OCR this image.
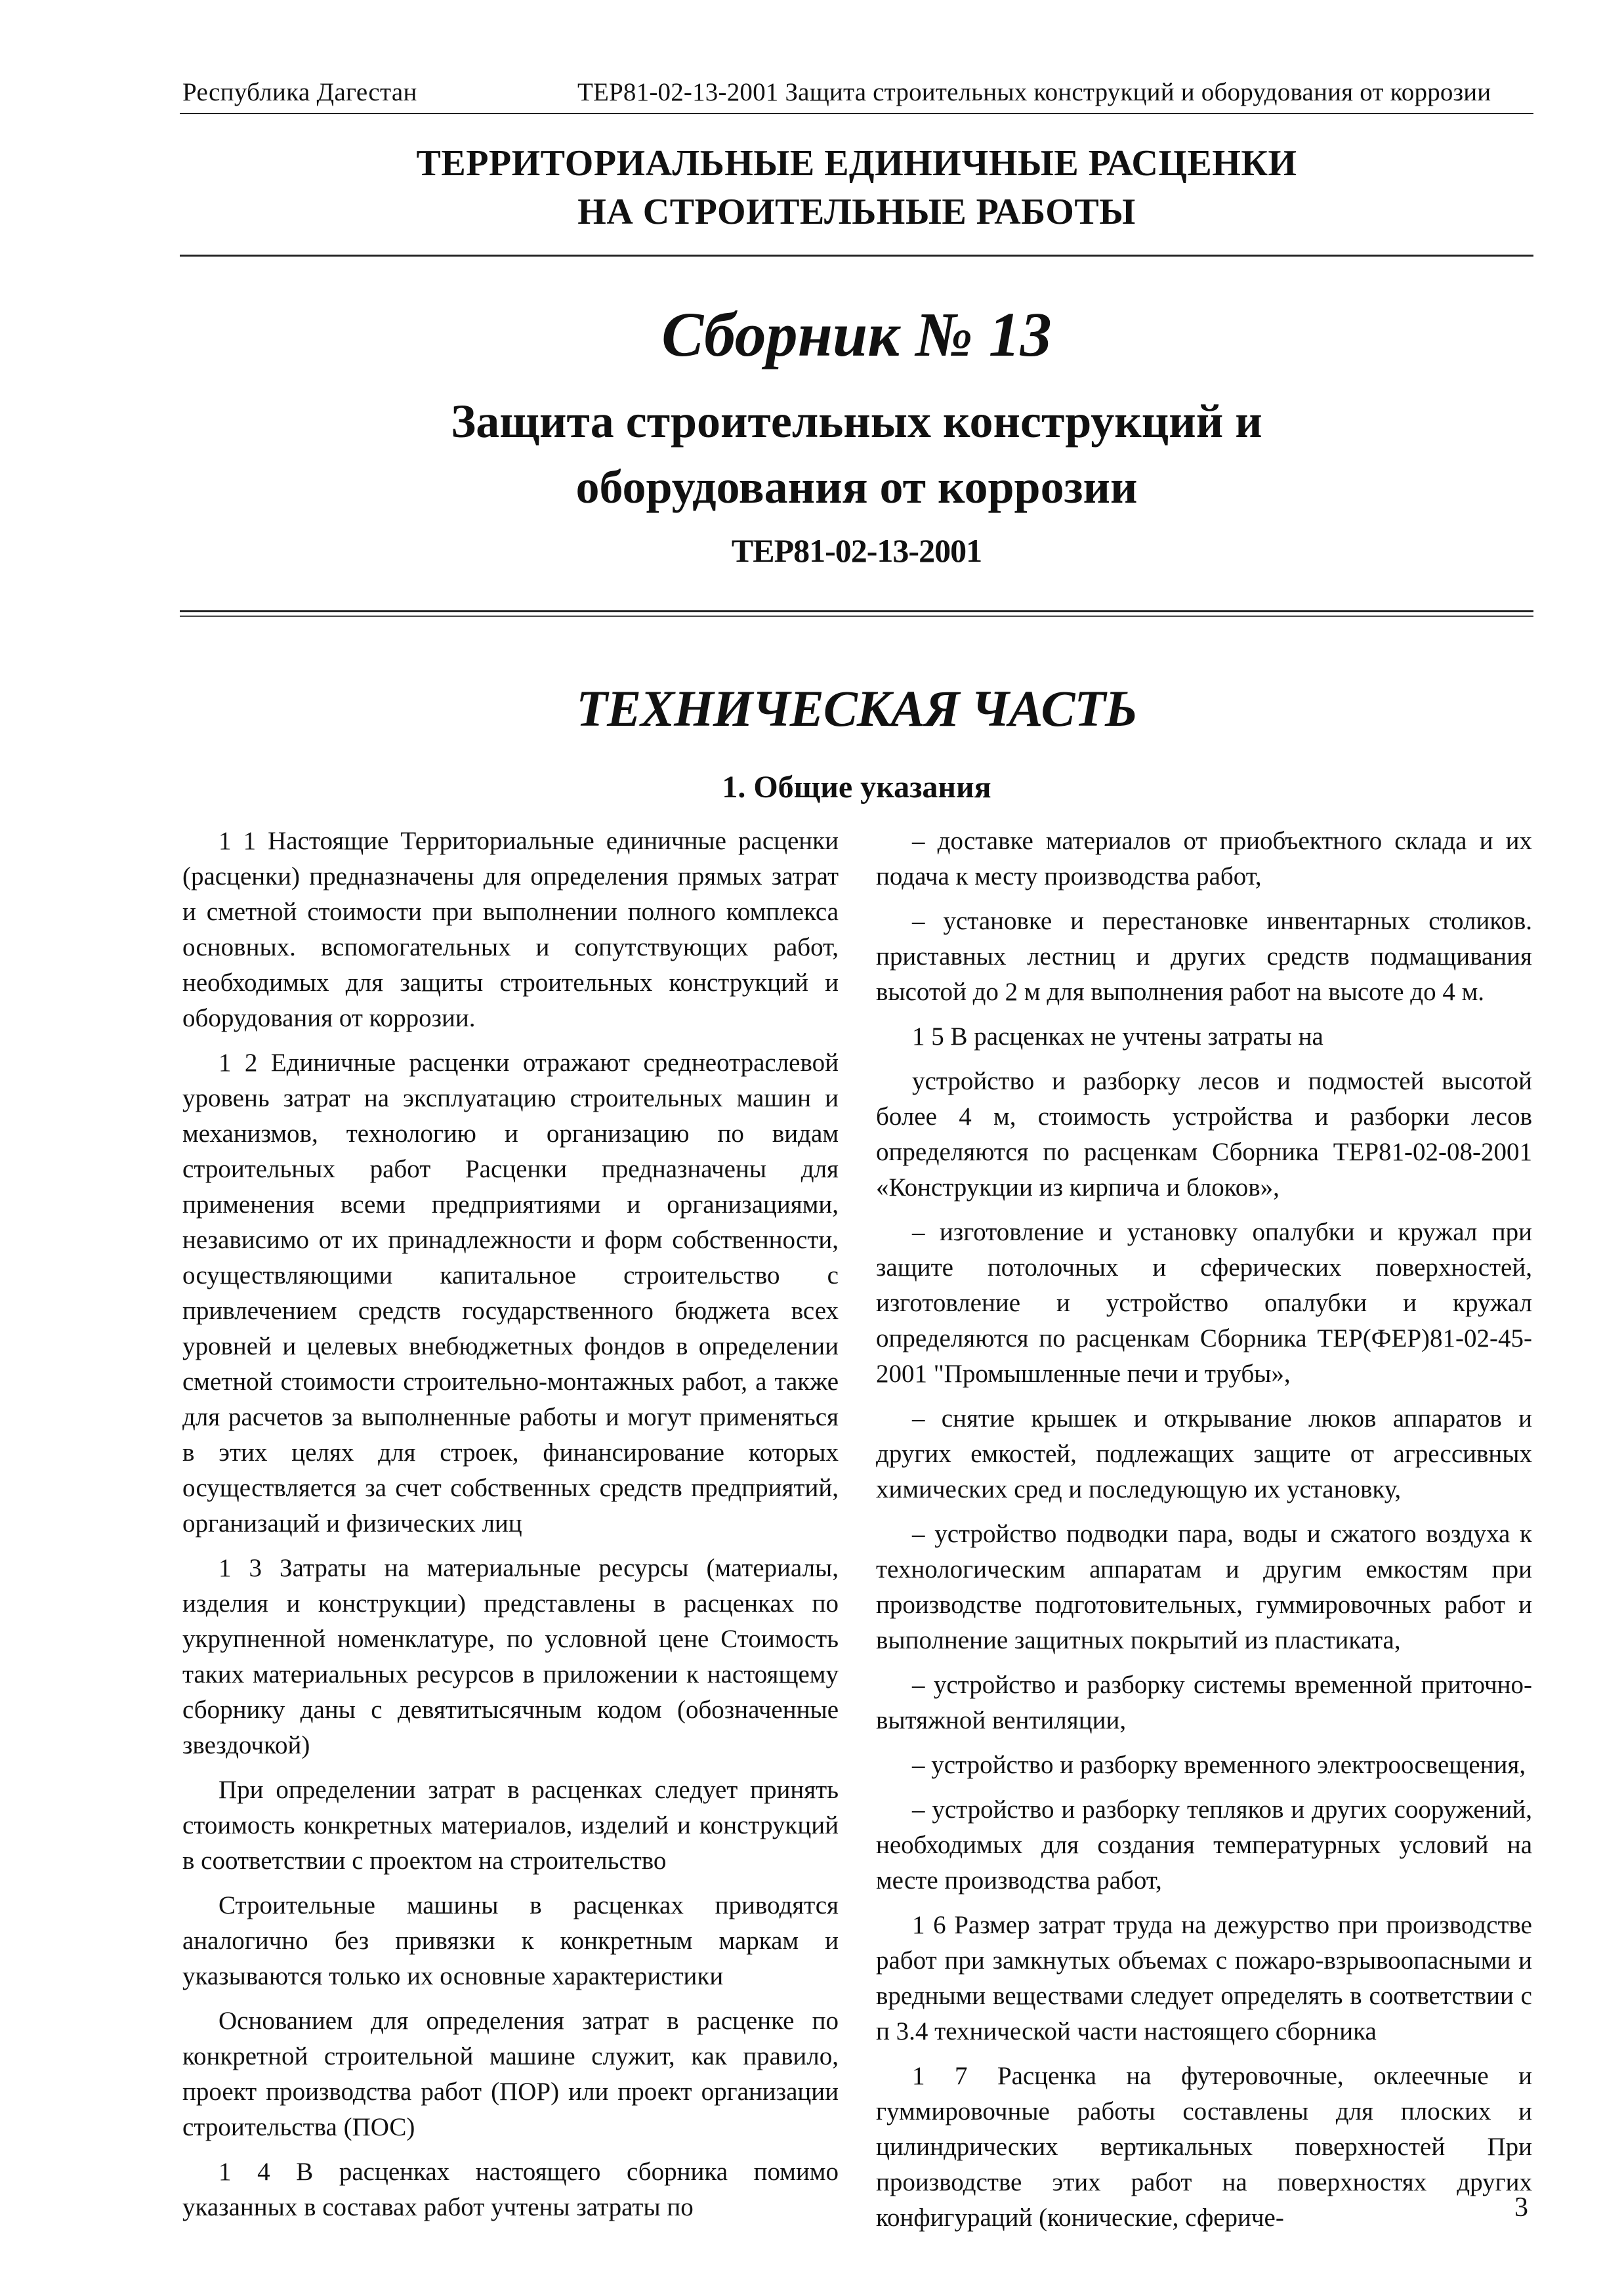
Республика Дагестан	ТЕР81-02-13-2001 Защита строительных конструкций и оборудования от коррозии
ТЕРРИТОРИАЛЬНЫЕ ЕДИНИЧНЫЕ РАСЦЕНКИ
НА СТРОИТЕЛЬНЫЕ РАБОТЫ
Сборник № 13
Защита строительных конструкций и
оборудования от коррозии
ТЕР81-02-13-2001
ТЕХНИЧЕСКАЯ ЧАСТЬ
1. Общие указания

1 1 Настоящие Территориальные единичные расценки (расценки) предназначены для определения прямых затрат и сметной стоимости при выполнении полного комплекса основных. вспомогательных и сопутствующих работ, необходимых для защиты строительных конструкций и оборудования от коррозии.

1 2 Единичные расценки отражают среднеотраслевой уровень затрат на эксплуатацию строительных машин и механизмов, технологию и организацию по видам строительных работ Расценки предназначены для применения всеми предприятиями и организациями, независимо от их принадлежности и форм собственности, осуществляющими капитальное строительство с привлечением средств государственного бюджета всех уровней и целевых внебюджетных фондов в определении сметной стоимости строительно-монтажных работ, а также для расчетов за выполненные работы и могут применяться в этих целях для строек, финансирование которых осуществляется за счет собственных средств предприятий, организаций и физических лиц

1 3 Затраты на материальные ресурсы (материалы, изделия и конструкции) представлены в расценках по укрупненной номенклатуре, по условной цене Стоимость таких материальных ресурсов в приложении к настоящему сборнику даны с девятитысячным кодом (обозначенные звездочкой)

При определении затрат в расценках следует принять стоимость конкретных материалов, изделий и конструкций в соответствии с проектом на строительство

Строительные машины в расценках приводятся аналогично без привязки к конкретным маркам и указываются только их основные характеристики

Основанием для определения затрат в расценке по конкретной строительной машине служит, как правило, проект производства работ (ПОР) или проект организации строительства (ПОС)

1 4 В расценках настоящего сборника помимо указанных в составах работ учтены затраты по

– доставке материалов от приобъектного склада и их подача к месту производства работ,

– установке и перестановке инвентарных столиков. приставных лестниц и других средств подмащивания высотой до 2 м для выполнения работ на высоте до 4 м.

1 5 В расценках не учтены затраты на

устройство и разборку лесов и подмостей высотой более 4 м, стоимость устройства и разборки лесов определяются по расценкам Сборника ТЕР81-02-08-2001 «Конструкции из кирпича и блоков»,

– изготовление и установку опалубки и кружал при защите потолочных и сферических поверхностей, изготовление и устройство опалубки и кружал определяются по расценкам Сборника ТЕР(ФЕР)81-02-45-2001 "Промышленные печи и трубы»,

– снятие крышек и открывание люков аппаратов и других емкостей, подлежащих защите от агрессивных химических сред и последующую их установку,

– устройство подводки пара, воды и сжатого воздуха к технологическим аппаратам и другим емкостям при производстве подготовительных, гуммировочных работ и выполнение защитных покрытий из пластиката,

– устройство и разборку системы временной приточно-вытяжной вентиляции,

– устройство и разборку временного электроосвещения,

– устройство и разборку тепляков и других сооружений, необходимых для создания температурных условий на месте производства работ,

1 6 Размер затрат труда на дежурство при производстве работ при замкнутых объемах с пожаро-взрывоопасными и вредными веществами следует определять в соответствии с п 3.4 технической части настоящего сборника

1 7 Расценка на футеровочные, оклеечные и гуммировочные работы составлены для плоских и цилиндрических вертикальных поверхностей При производстве этих работ на поверхностях других конфигураций (конические, сфериче-	3
